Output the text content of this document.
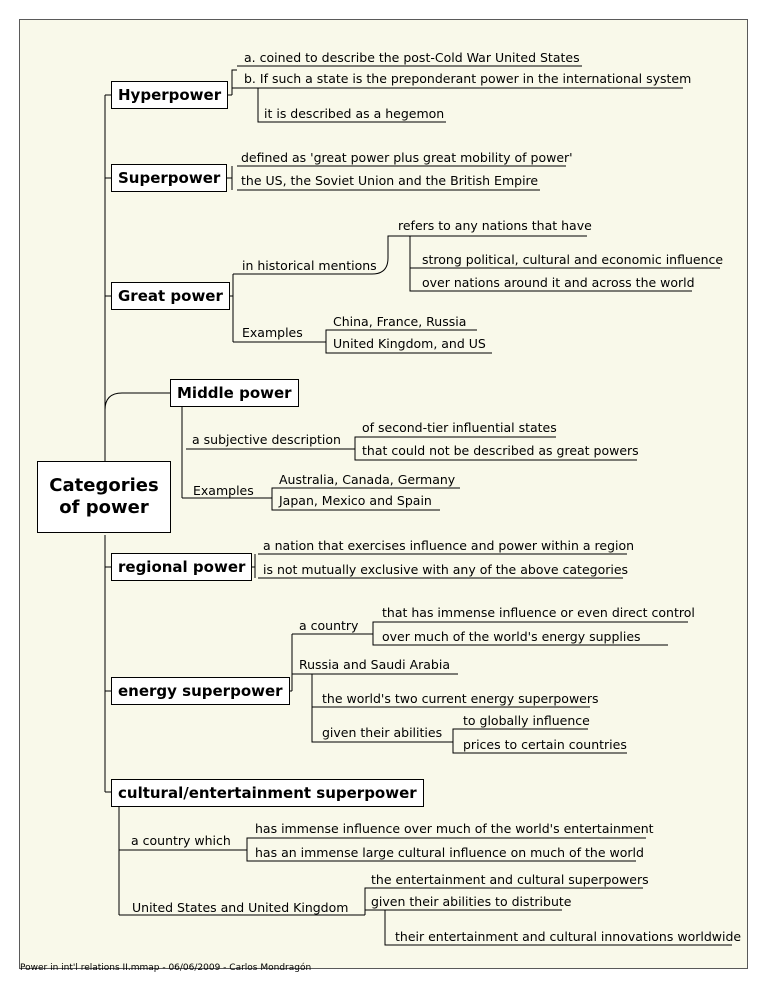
Categories
of power
Hyperpower
a. coined to describe the post-Cold War United States
b. If such a state is the preponderant power in the international system
it is described as a hegemon
Superpower
defined as 'great power plus great mobility of power'
the US, the Soviet Union and the British Empire
Great power
in historical mentions
refers to any nations that have
strong political, cultural and economic influence
over nations around it and across the world
Examples
China, France, Russia
United Kingdom, and US
Middle power
a subjective description
of second-tier influential states
that could not be described as great powers
Examples
Australia, Canada, Germany
Japan, Mexico and Spain
regional power
a nation that exercises influence and power within a region
is not mutually exclusive with any of the above categories
energy superpower
a country
that has immense influence or even direct control
over much of the world's energy supplies
Russia and Saudi Arabia
the world's two current energy superpowers
given their abilities
to globally influence
prices to certain countries
cultural/entertainment superpower
a country which
has immense influence over much of the world's entertainment
has an immense large cultural influence on much of the world
United States and United Kingdom
the entertainment and cultural superpowers
given their abilities to distribute
their entertainment and cultural innovations worldwide
Power in int'l relations II.mmap - 06/06/2009 - Carlos Mondragón
